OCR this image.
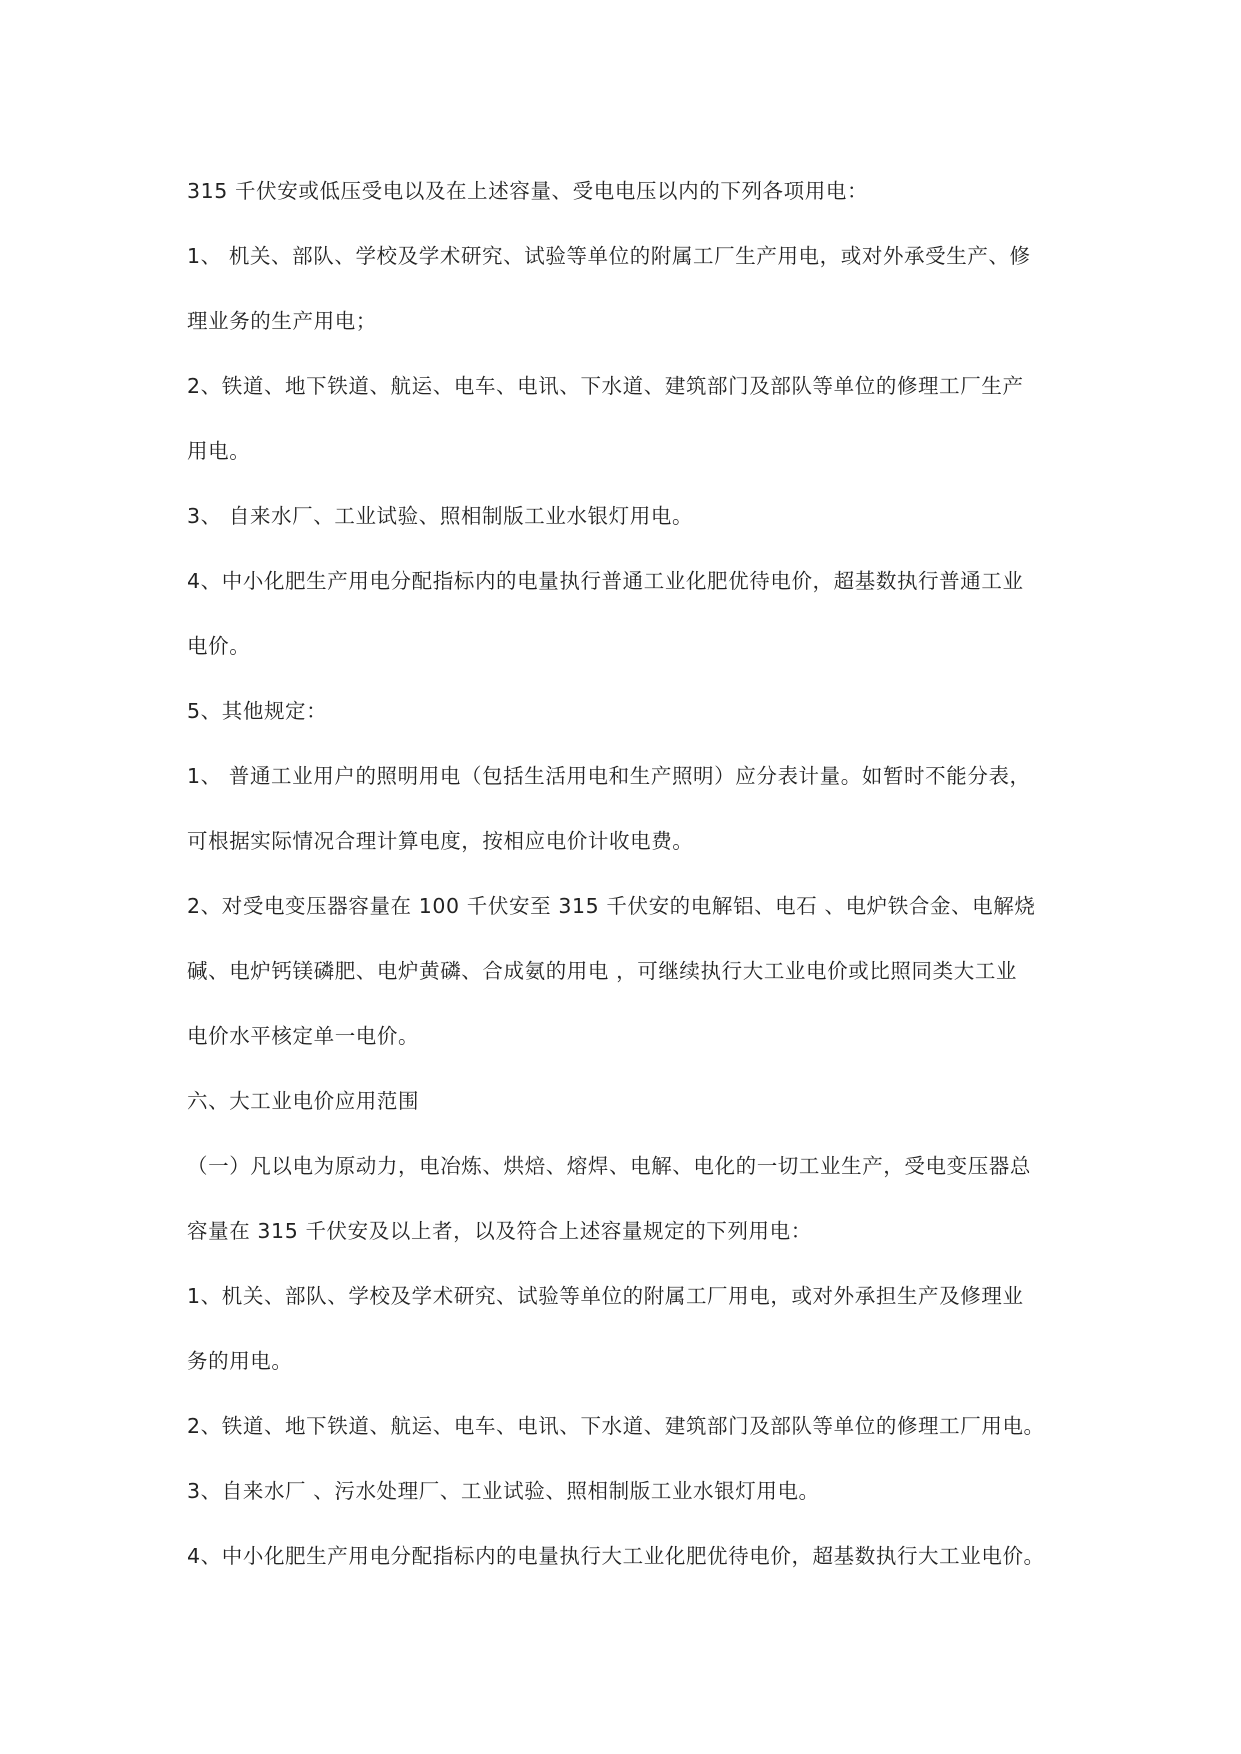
315 千伏安或低压受电以及在上述容量、受电电压以内的下列各项用电：
1、 机关、部队、学校及学术研究、试验等单位的附属工厂生产用电，或对外承受生产、修
理业务的生产用电；
2、铁道、地下铁道、航运、电车、电讯、下水道、建筑部门及部队等单位的修理工厂生产
用电。
3、 自来水厂、工业试验、照相制版工业水银灯用电。
4、中小化肥生产用电分配指标内的电量执行普通工业化肥优待电价，超基数执行普通工业
电价。
5、其他规定：
1、 普通工业用户的照明用电（包括生活用电和生产照明）应分表计量。如暂时不能分表，
可根据实际情况合理计算电度，按相应电价计收电费。
2、对受电变压器容量在 100 千伏安至 315 千伏安的电解铝、电石 、电炉铁合金、电解烧
碱、电炉钙镁磷肥、电炉黄磷、合成氨的用电 ，可继续执行大工业电价或比照同类大工业
电价水平核定单一电价。
六、大工业电价应用范围
（一）凡以电为原动力，电冶炼、烘焙、熔焊、电解、电化的一切工业生产，受电变压器总
容量在 315 千伏安及以上者，以及符合上述容量规定的下列用电：
1、机关、部队、学校及学术研究、试验等单位的附属工厂用电，或对外承担生产及修理业
务的用电。
2、铁道、地下铁道、航运、电车、电讯、下水道、建筑部门及部队等单位的修理工厂用电。
3、自来水厂 、污水处理厂、工业试验、照相制版工业水银灯用电。
4、中小化肥生产用电分配指标内的电量执行大工业化肥优待电价，超基数执行大工业电价。
